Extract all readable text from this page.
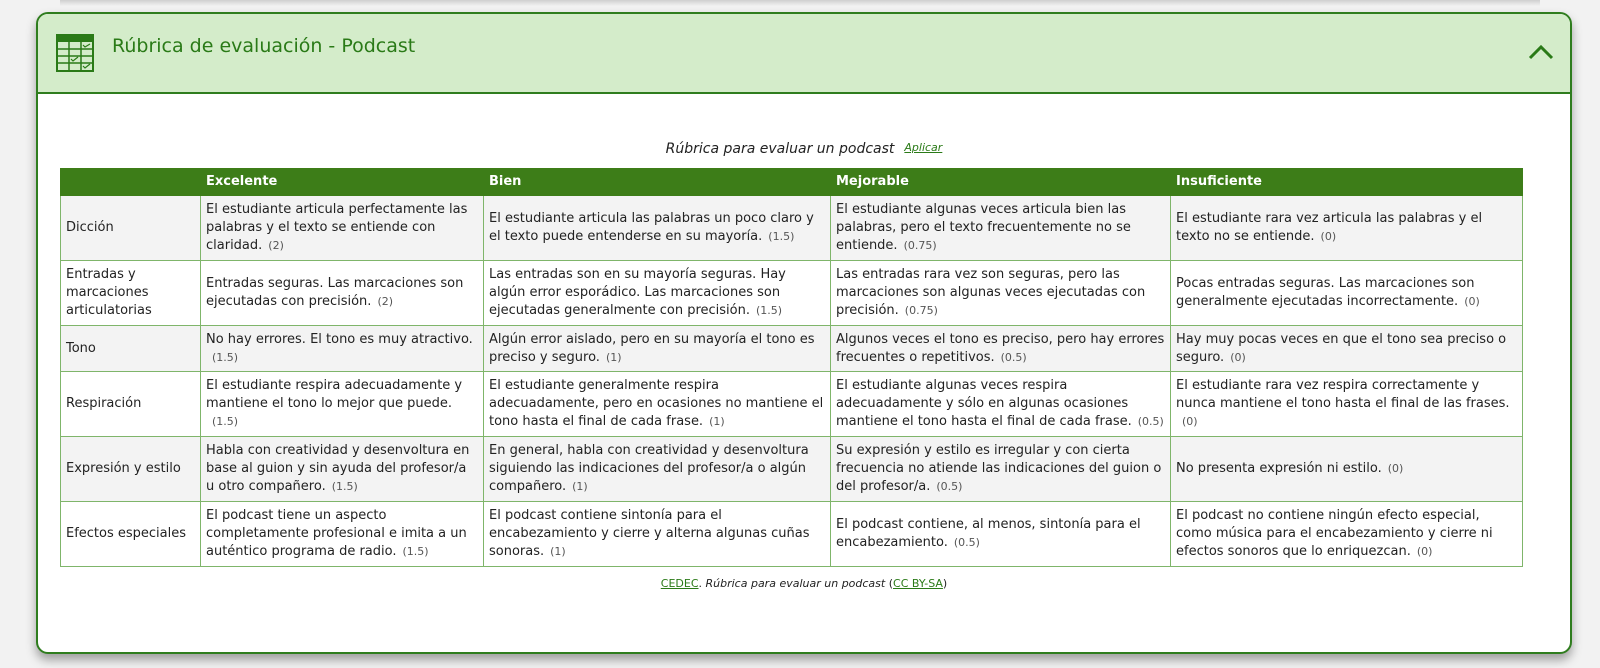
Rúbrica de evaluación - Podcast
Rúbrica para evaluar un podcast Aplicar
	Excelente	Bien	Mejorable	Insuficiente
Dicción	El estudiante articula perfectamente las palabras y el texto se entiende con claridad. (2)	El estudiante articula las palabras un poco claro y el texto puede entenderse en su mayoría. (1.5)	El estudiante algunas veces articula bien las palabras, pero el texto frecuentemente no se entiende. (0.75)	El estudiante rara vez articula las palabras y el texto no se entiende. (0)
Entradas y marcaciones articulatorias	Entradas seguras. Las marcaciones son ejecutadas con precisión. (2)	Las entradas son en su mayoría seguras. Hay algún error esporádico. Las marcaciones son ejecutadas generalmente con precisión. (1.5)	Las entradas rara vez son seguras, pero las marcaciones son algunas veces ejecutadas con precisión. (0.75)	Pocas entradas seguras. Las marcaciones son generalmente ejecutadas incorrectamente. (0)
Tono	No hay errores. El tono es muy atractivo.(1.5)	Algún error aislado, pero en su mayoría el tono es preciso y seguro. (1)	Algunos veces el tono es preciso, pero hay errores frecuentes o repetitivos. (0.5)	Hay muy pocas veces en que el tono sea preciso o seguro. (0)
Respiración	El estudiante respira adecuadamente y mantiene el tono lo mejor que puede.(1.5)	El estudiante generalmente respira adecuadamente, pero en ocasiones no mantiene el tono hasta el final de cada frase. (1)	El estudiante algunas veces respira adecuadamente y sólo en algunas ocasiones mantiene el tono hasta el final de cada frase. (0.5)	El estudiante rara vez respira correctamente y nunca mantiene el tono hasta el final de las frases.(0)
Expresión y estilo	Habla con creatividad y desenvoltura en base al guion y sin ayuda del profesor/a u otro compañero. (1.5)	En general, habla con creatividad y desenvoltura siguiendo las indicaciones del profesor/a o algún compañero. (1)	Su expresión y estilo es irregular y con cierta frecuencia no atiende las indicaciones del guion o del profesor/a. (0.5)	No presenta expresión ni estilo. (0)
Efectos especiales	El podcast tiene un aspecto completamente profesional e imita a un auténtico programa de radio. (1.5)	El podcast contiene sintonía para el encabezamiento y cierre y alterna algunas cuñas sonoras. (1)	El podcast contiene, al menos, sintonía para el encabezamiento. (0.5)	El podcast no contiene ningún efecto especial, como música para el encabezamiento y cierre ni efectos sonoros que lo enriquezcan. (0)
CEDEC. Rúbrica para evaluar un podcast (CC BY-SA)
